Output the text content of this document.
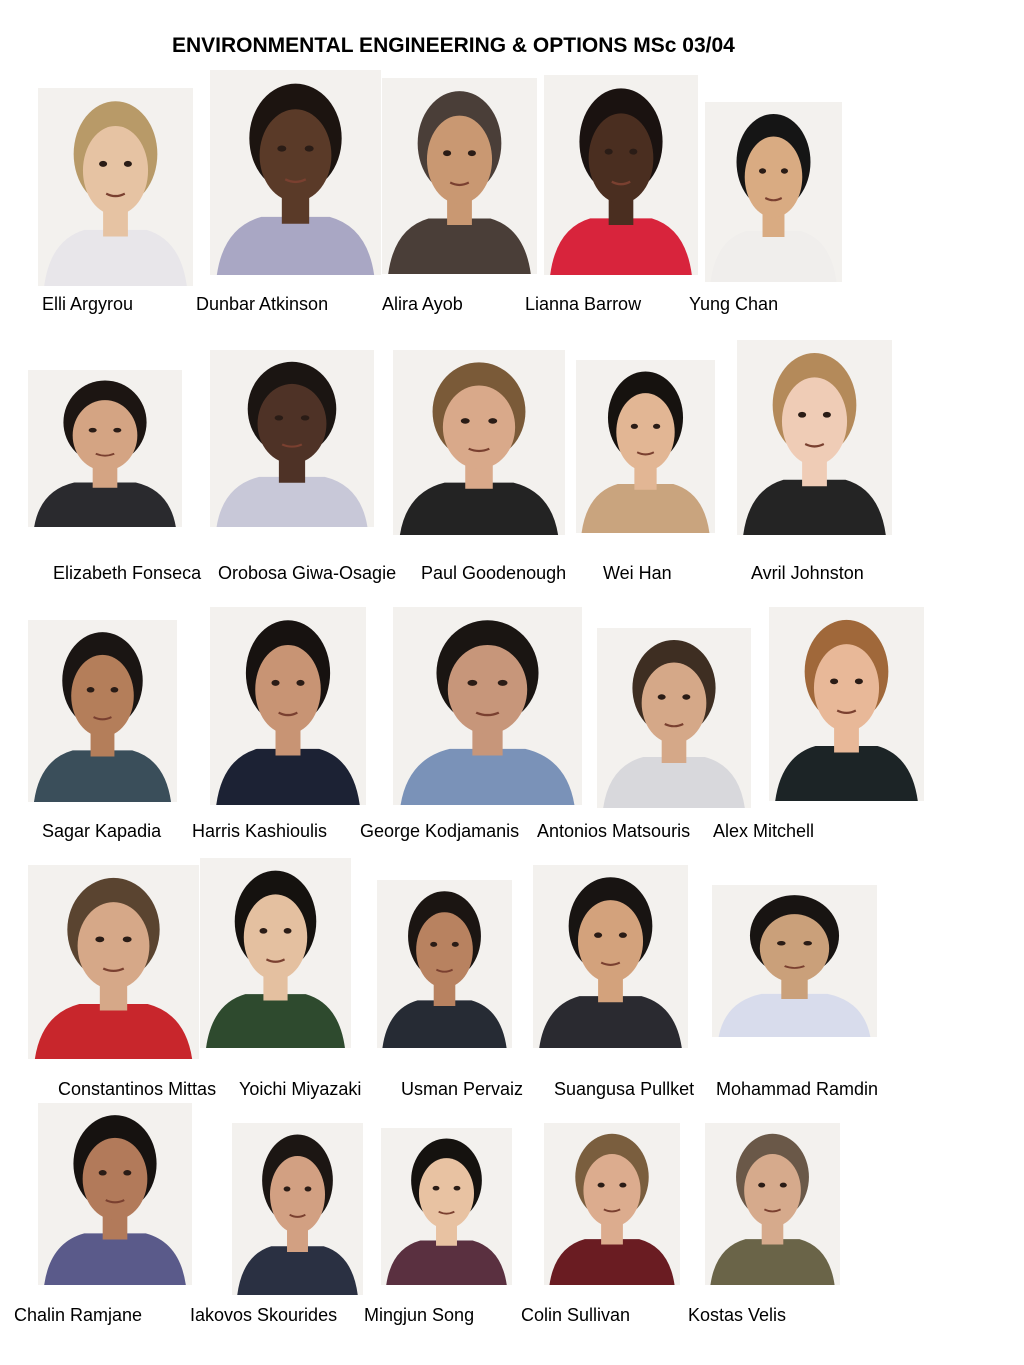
ENVIRONMENTAL ENGINEERING & OPTIONS MSc 03/04
Elli Argyrou	Dunbar Atkinson	Alira Ayob	Lianna Barrow	Yung Chan
Elizabeth Fonseca Orobosa Giwa-Osagie Paul Goodenough Wei Han	Avril Johnston
Sagar Kapadia Harris Kashioulis George Kodjamanis Antonios Matsouris Alex Mitchell
Constantinos Mittas Yoichi Miyazaki Usman Pervaiz Suangusa Pullket Mohammad Ramdin
Chalin Ramjane	Iakovos Skourides Mingjun Song	Colin Sullivan	Kostas Velis
